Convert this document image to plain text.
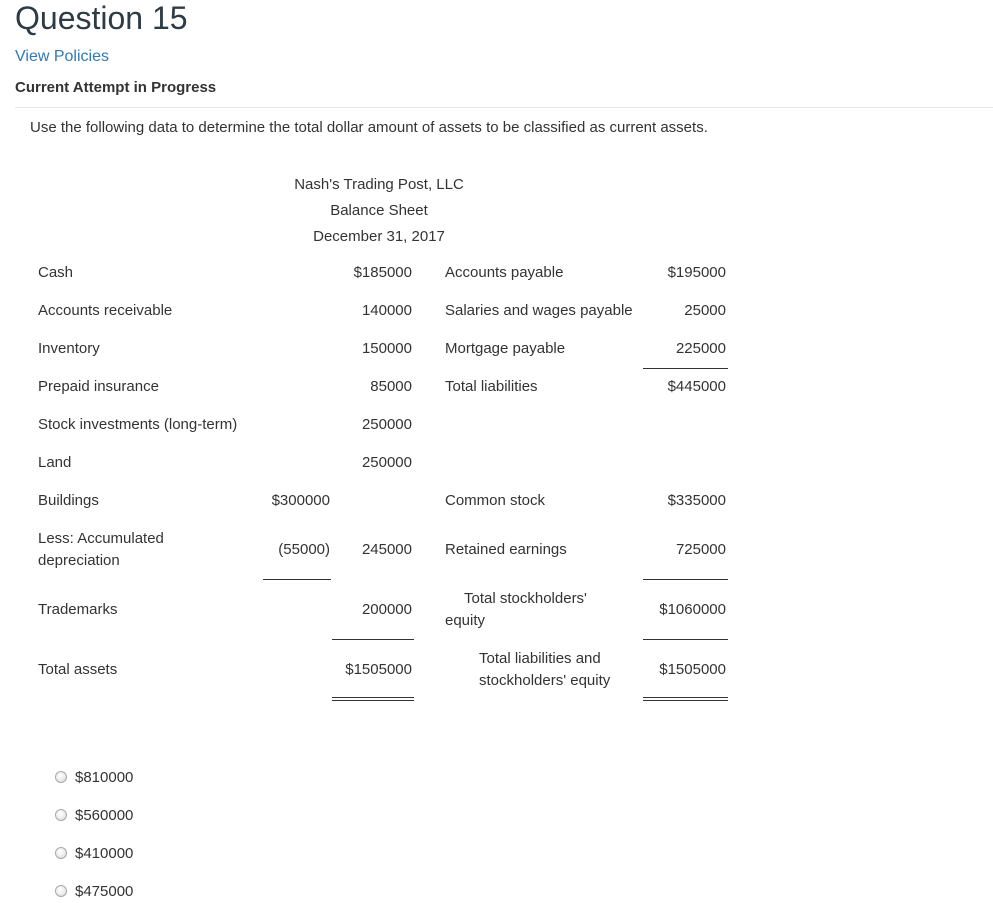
Question 15
View Policies
Current Attempt in Progress
Use the following data to determine the total dollar amount of assets to be classified as current assets.
Nash's Trading Post, LLC
Balance Sheet
December 31, 2017
Cash
Accounts receivable
Inventory
Prepaid insurance
Stock investments (long-term)
Land
Buildings
Less: Accumulated depreciation
Trademarks
Total assets
$300000
(55000)
$185000
140000
150000
85000
250000
250000
245000
200000
$1505000
Accounts payable
Salaries and wages payable
Mortgage payable
Total liabilities
$195000
25000
225000
$445000
Common stock
Retained earnings
Total stockholders' equity
Total liabilities and stockholders' equity
$335000
725000
$1060000
$1505000
$810000
$560000
$410000
$475000
